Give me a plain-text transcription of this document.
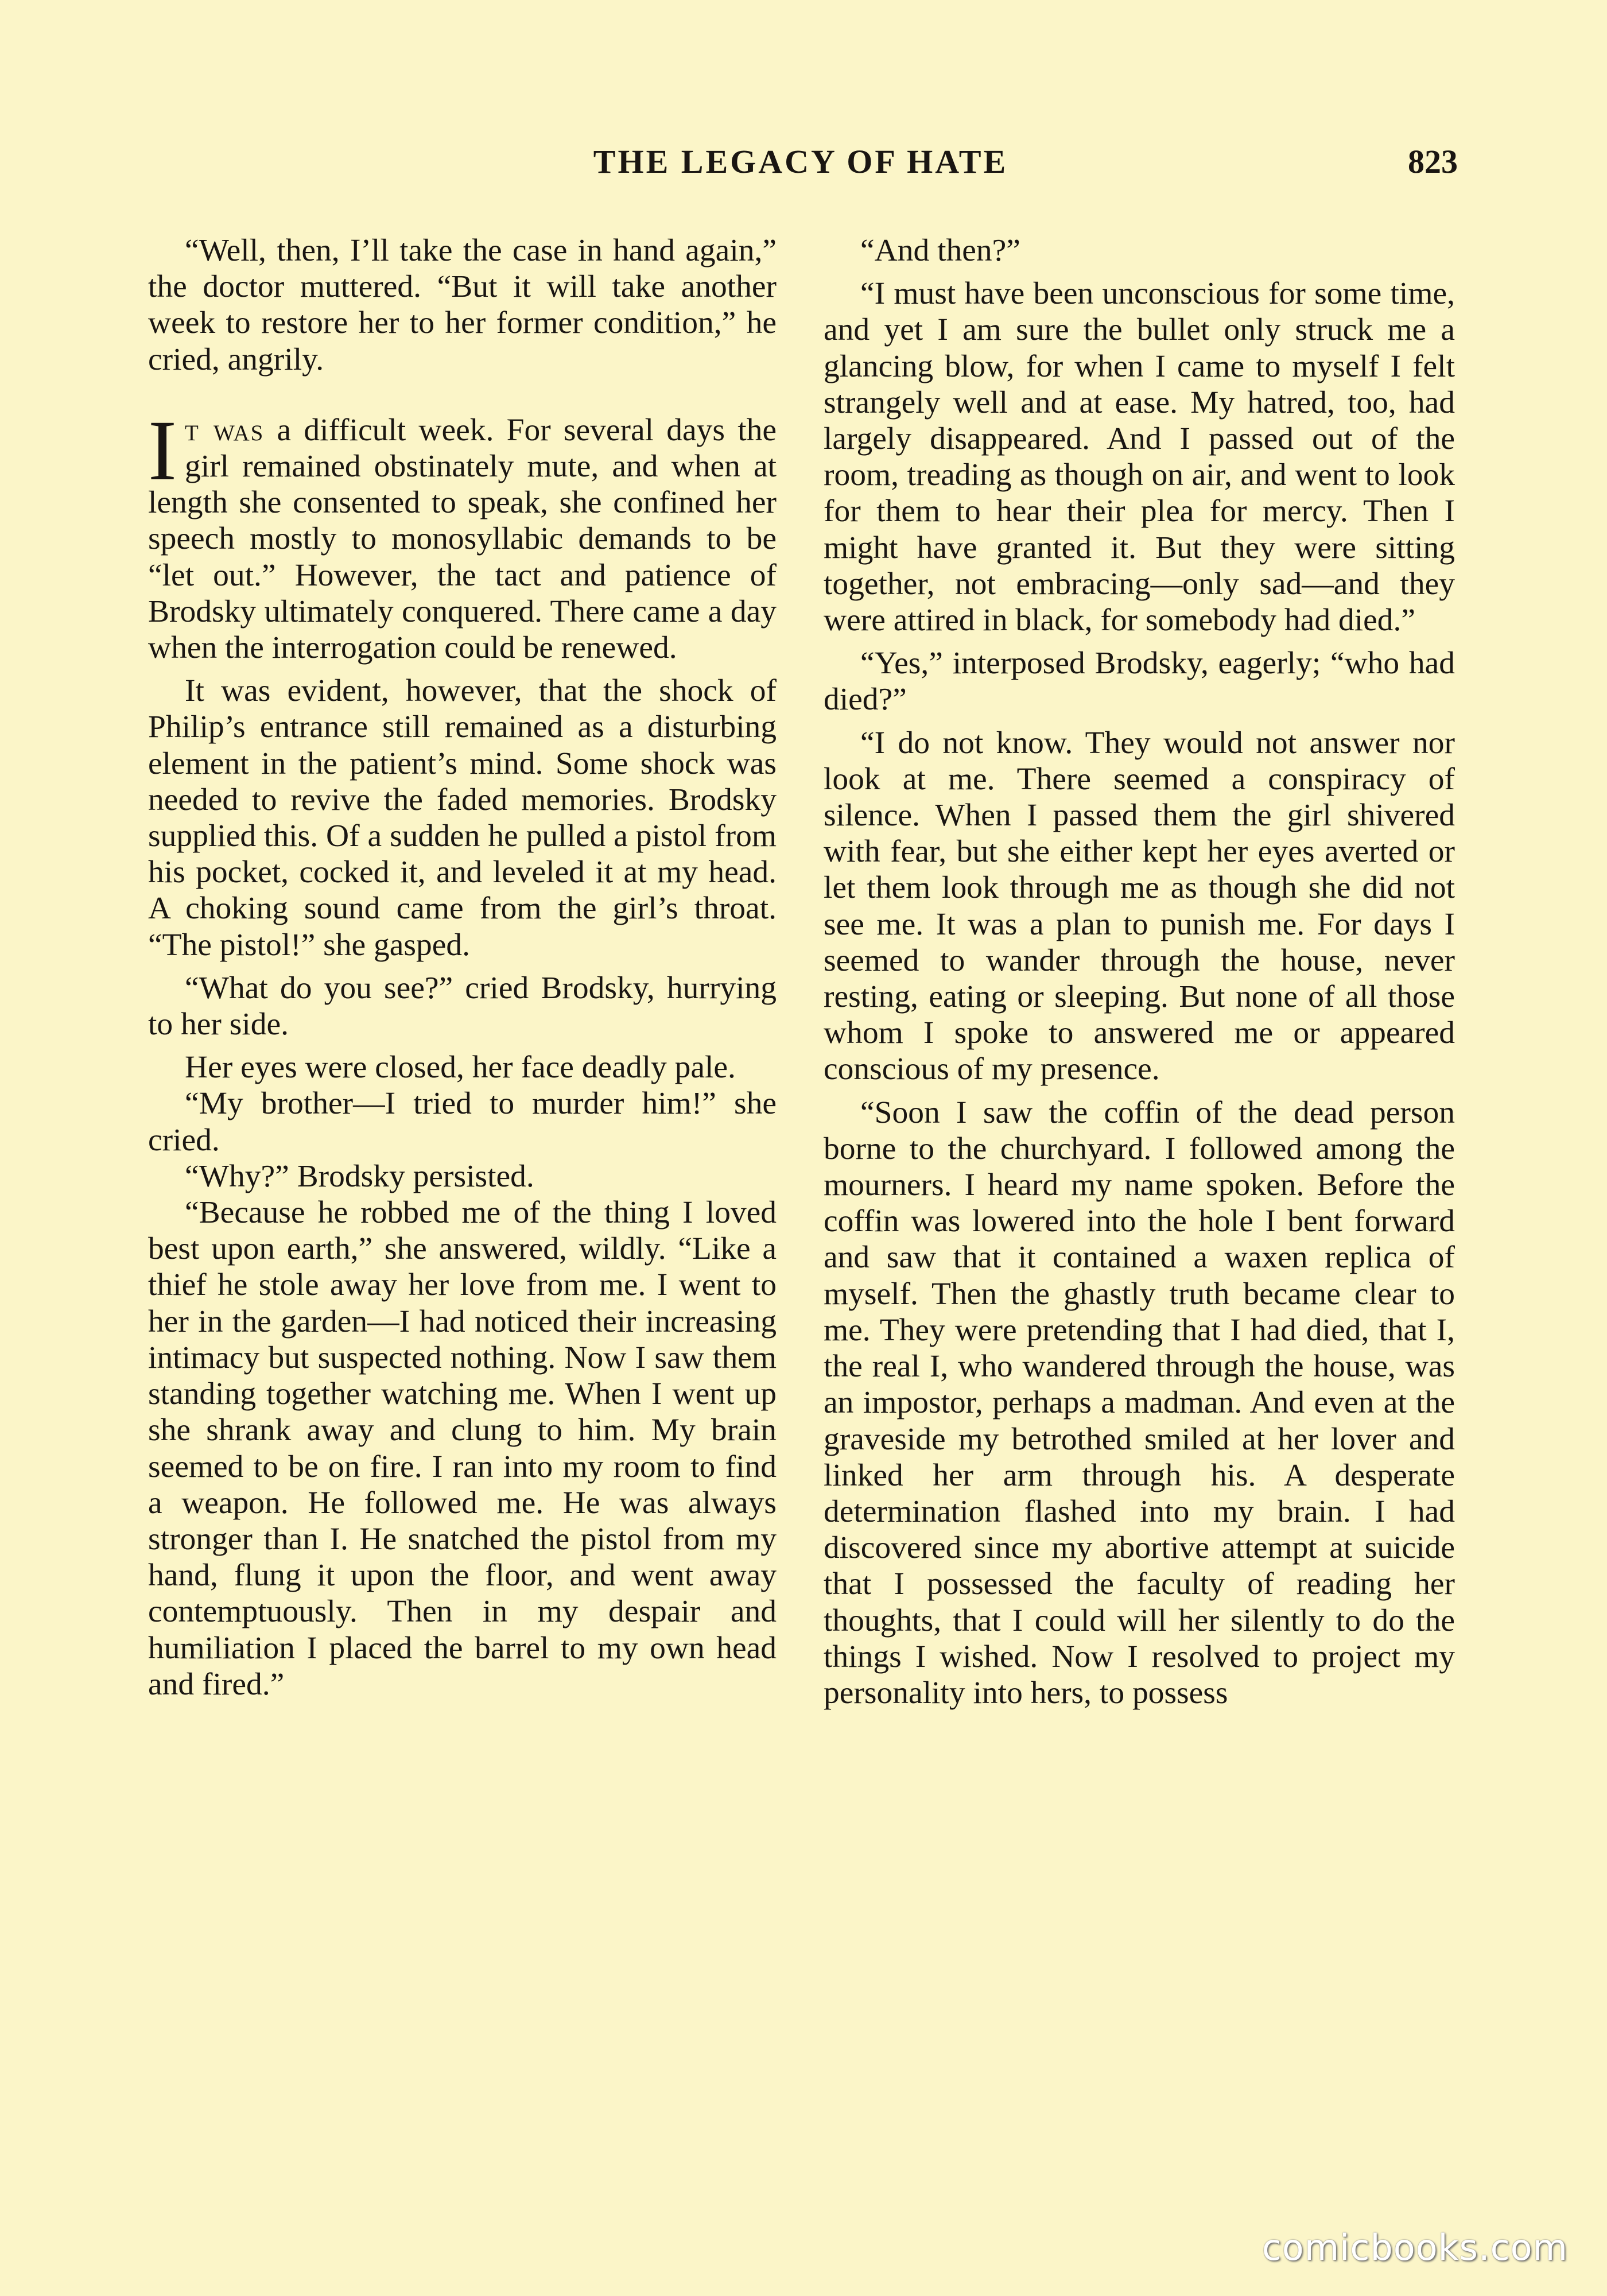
THE LEGACY OF HATE	823

“Well, then, I’ll take the case in hand again,” the doctor muttered. “But it will take another week to restore her to her former condition,” he cried, angrily.

It was a difficult week. For several days the girl remained obstinately mute, and when at length she consented to speak, she confined her speech mostly to monosyllabic demands to be “let out.” However, the tact and patience of Brodsky ultimately conquered. There came a day when the interrogation could be renewed.

It was evident, however, that the shock of Philip’s entrance still remained as a disturbing element in the patient’s mind. Some shock was needed to revive the faded memories. Brodsky supplied this. Of a sudden he pulled a pistol from his pocket, cocked it, and leveled it at my head. A choking sound came from the girl’s throat. “The pistol!” she gasped.

“What do you see?” cried Brodsky, hurrying to her side.

Her eyes were closed, her face deadly pale.

“My brother—I tried to murder him!” she cried.

“Why?” Brodsky persisted.

“Because he robbed me of the thing I loved best upon earth,” she answered, wildly. “Like a thief he stole away her love from me. I went to her in the garden—I had noticed their increasing intimacy but suspected nothing. Now I saw them standing together watching me. When I went up she shrank away and clung to him. My brain seemed to be on fire. I ran into my room to find a weapon. He followed me. He was always stronger than I. He snatched the pistol from my hand, flung it upon the floor, and went away contemptuously. Then in my despair and humiliation I placed the barrel to my own head and fired.”

“And then?”

“I must have been unconscious for some time, and yet I am sure the bullet only struck me a glancing blow, for when I came to myself I felt strangely well and at ease. My hatred, too, had largely disappeared. And I passed out of the room, treading as though on air, and went to look for them to hear their plea for mercy. Then I might have granted it. But they were sitting together, not embracing—only sad—and they were attired in black, for somebody had died.”

“Yes,” interposed Brodsky, eagerly; “who had died?”

“I do not know. They would not answer nor look at me. There seemed a conspiracy of silence. When I passed them the girl shivered with fear, but she either kept her eyes averted or let them look through me as though she did not see me. It was a plan to punish me. For days I seemed to wander through the house, never resting, eating or sleeping. But none of all those whom I spoke to answered me or appeared conscious of my presence.

“Soon I saw the coffin of the dead person borne to the churchyard. I followed among the mourners. I heard my name spoken. Before the coffin was lowered into the hole I bent forward and saw that it contained a waxen replica of myself. Then the ghastly truth became clear to me. They were pretending that I had died, that I, the real I, who wandered through the house, was an impostor, perhaps a madman. And even at the graveside my betrothed smiled at her lover and linked her arm through his. A desperate determination flashed into my brain. I had discovered since my abortive attempt at suicide that I possessed the faculty of reading her thoughts, that I could will her silently to do the things I wished. Now I resolved to project my personality into hers, to possess

comicbooks.com
